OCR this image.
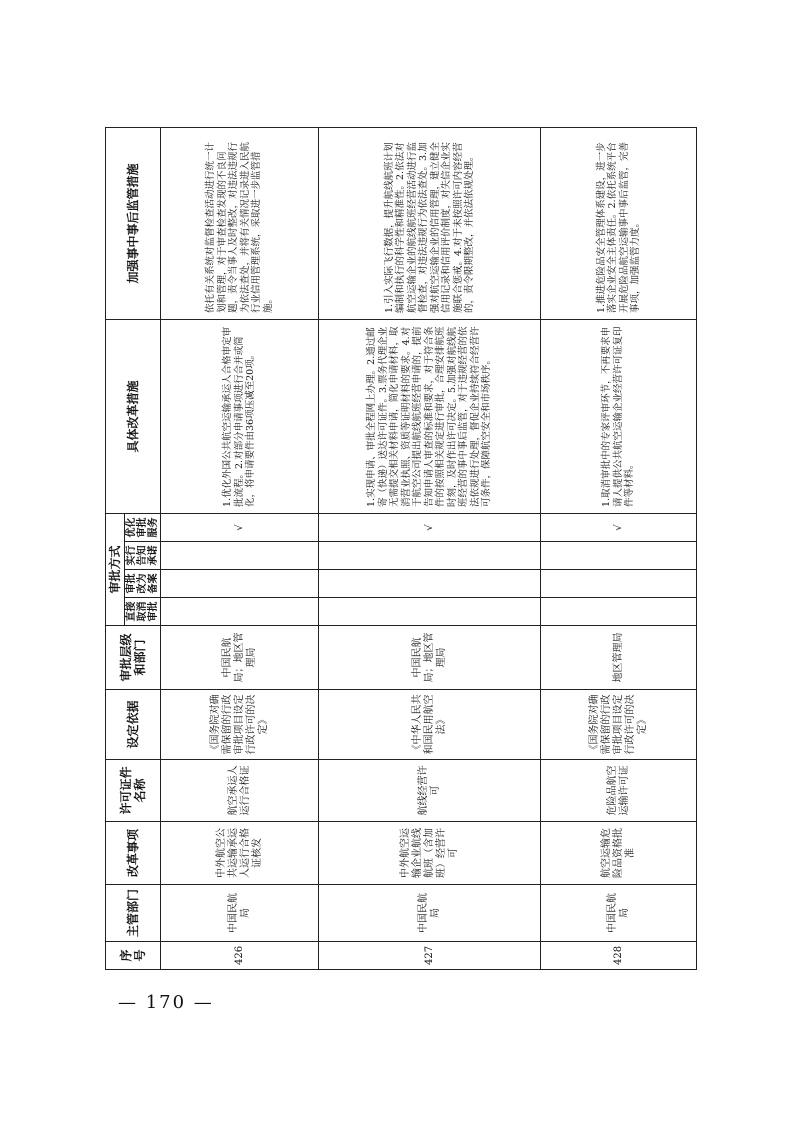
序号	主管部门	改革事项	许可证件名称	设定依据	审批层级和部门	审批方式				具体改革措施	加强事中事后监管措施
						直接取消审批	审批改为备案	实行告知承诺	优化审批服务		
426	中国民航局	中外航空公共运输承运人运行合格证核发	航空承运人运行合格证	《国务院对确需保留的行政审批项目设定行政许可的决定》	中国民航局；地区管理局				√	1.优化外国公共航空运输承运人合格审定审批流程。2.对部分申请事项进行合并或简化，将申请要件由36项压减至20项。	依托有关系统对监督检查活动进行统一计划和管理，对于审查检查发现的不良问题，责令当事人及时整改，对违法违规行为依法查处，并将有关情况记录进入民航行业信用管理系统，采取进一步监管措施。
427	中国民航局	中外航空运输企业航线航班（含加班）经营许可	航线经营许可	《中华人民共和国民用航空法》	中国民航局；地区管理局				√	1.实现申请、审批全程网上办理。2.通过邮寄（快递）送达许可证件。3.票务代理企业无需提交相关材料申请，简化申请材料，取消营业执照、资质等证明材料的要求。4.对于航空公司提出航线航班经营申请的，提前告知申请人审查的标准和要求，对于符合条件的按照相关规定进行审批，合理安排航班时刻，及时作出许可决定。5.加强对航线航班经营的事中事后监管，对于违规经营的依法依规进行处理，督促企业持续符合经营许可条件，保障航空安全和市场秩序。	1.引入实际飞行数据，提升航线航班计划编制和执行的科学性和精准性。2.依法对航空运输企业的航线航班经营活动进行监督检查，对违法违规行为依法查处。3.加强对航空运输企业的信用管理，建立健全信用记录和信用评价制度，对失信企业实施联合惩戒。4.对于未按照许可内容经营的，责令限期整改，并依法依规处理。
428	中国民航局	航空运输危险品资格批准	危险品航空运输许可证	《国务院对确需保留的行政审批项目设定行政许可的决定》	地区管理局				√	1.取消审批中的专家评审环节，不再要求申请人提供公共航空运输企业经营许可证复印件等材料。	1.推进危险品安全管理体系建设，进一步落实企业安全主体责任。2.依托系统平台开展危险品航空运输事中事后监管，完善事项，加强监管力度。
— 170 —
